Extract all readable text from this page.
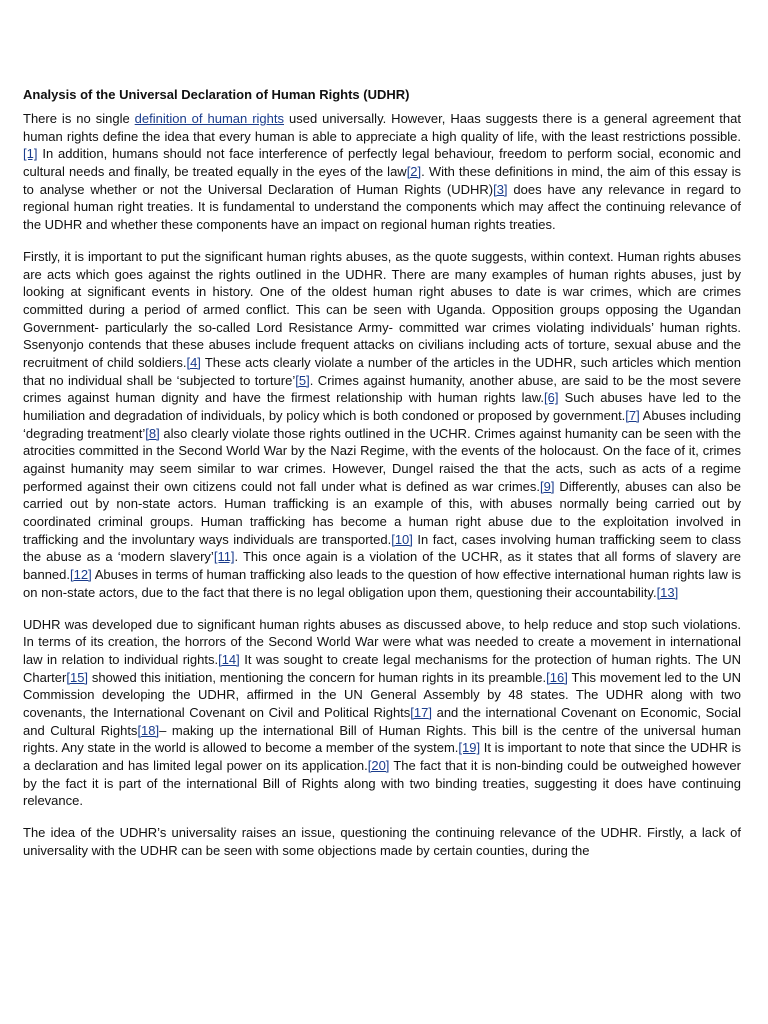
Analysis of the Universal Declaration of Human Rights (UDHR)

There is no single definition of human rights used universally. However, Haas suggests there is a general agreement that human rights define the idea that every human is able to appreciate a high quality of life, with the least restrictions possible.[1] In addition, humans should not face interference of perfectly legal behaviour, freedom to perform social, economic and cultural needs and finally, be treated equally in the eyes of the law[2]. With these definitions in mind, the aim of this essay is to analyse whether or not the Universal Declaration of Human Rights (UDHR)[3] does have any relevance in regard to regional human right treaties. It is fundamental to understand the components which may affect the continuing relevance of the UDHR and whether these components have an impact on regional human rights treaties.

Firstly, it is important to put the significant human rights abuses, as the quote suggests, within context. Human rights abuses are acts which goes against the rights outlined in the UDHR. There are many examples of human rights abuses, just by looking at significant events in history. One of the oldest human right abuses to date is war crimes, which are crimes committed during a period of armed conflict. This can be seen with Uganda. Opposition groups opposing the Ugandan Government- particularly the so-called Lord Resistance Army- committed war crimes violating individuals’ human rights. Ssenyonjo contends that these abuses include frequent attacks on civilians including acts of torture, sexual abuse and the recruitment of child soldiers.[4] These acts clearly violate a number of the articles in the UDHR, such articles which mention that no individual shall be ‘subjected to torture’[5]. Crimes against humanity, another abuse, are said to be the most severe crimes against human dignity and have the firmest relationship with human rights law.[6] Such abuses have led to the humiliation and degradation of individuals, by policy which is both condoned or proposed by government.[7] Abuses including ‘degrading treatment’[8] also clearly violate those rights outlined in the UCHR. Crimes against humanity can be seen with the atrocities committed in the Second World War by the Nazi Regime, with the events of the holocaust. On the face of it, crimes against humanity may seem similar to war crimes. However, Dungel raised the that the acts, such as acts of a regime performed against their own citizens could not fall under what is defined as war crimes.[9] Differently, abuses can also be carried out by non-state actors. Human trafficking is an example of this, with abuses normally being carried out by coordinated criminal groups. Human trafficking has become a human right abuse due to the exploitation involved in trafficking and the involuntary ways individuals are transported.[10] In fact, cases involving human trafficking seem to class the abuse as a ‘modern slavery’[11]. This once again is a violation of the UCHR, as it states that all forms of slavery are banned.[12] Abuses in terms of human trafficking also leads to the question of how effective international human rights law is on non-state actors, due to the fact that there is no legal obligation upon them, questioning their accountability.[13]

UDHR was developed due to significant human rights abuses as discussed above, to help reduce and stop such violations. In terms of its creation, the horrors of the Second World War were what was needed to create a movement in international law in relation to individual rights.[14] It was sought to create legal mechanisms for the protection of human rights. The UN Charter[15] showed this initiation, mentioning the concern for human rights in its preamble.[16] This movement led to the UN Commission developing the UDHR, affirmed in the UN General Assembly by 48 states. The UDHR along with two covenants, the International Covenant on Civil and Political Rights[17] and the international Covenant on Economic, Social and Cultural Rights[18]– making up the international Bill of Human Rights. This bill is the centre of the universal human rights. Any state in the world is allowed to become a member of the system.[19] It is important to note that since the UDHR is a declaration and has limited legal power on its application.[20] The fact that it is non-binding could be outweighed however by the fact it is part of the international Bill of Rights along with two binding treaties, suggesting it does have continuing relevance.

The idea of the UDHR’s universality raises an issue, questioning the continuing relevance of the UDHR. Firstly, a lack of universality with the UDHR can be seen with some objections made by certain counties, during the
